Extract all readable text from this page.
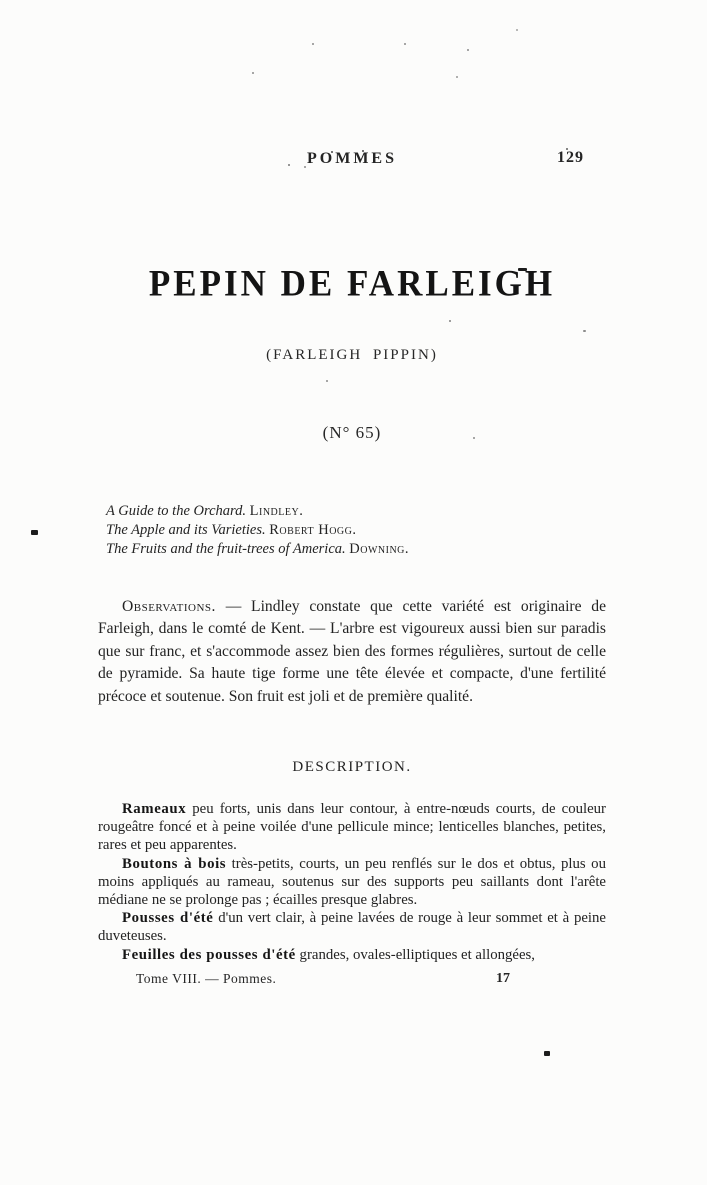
POMMES	129
PEPIN DE FARLEIGH
(FARLEIGH PIPPIN)
(N° 65)
A Guide to the Orchard. Lindley.
The Apple and its Varieties. Robert Hogg.
The Fruits and the fruit-trees of America. Downing.

Observations. — Lindley constate que cette variété est originaire de Farleigh, dans le comté de Kent. — L'arbre est vigoureux aussi bien sur paradis que sur franc, et s'accommode assez bien des formes régulières, surtout de celle de pyramide. Sa haute tige forme une tête élevée et compacte, d'une fertilité précoce et soutenue. Son fruit est joli et de première qualité.

DESCRIPTION.

Rameaux peu forts, unis dans leur contour, à entre-nœuds courts, de couleur rougeâtre foncé et à peine voilée d'une pellicule mince; lenticelles blanches, petites, rares et peu apparentes.

Boutons à bois très-petits, courts, un peu renflés sur le dos et obtus, plus ou moins appliqués au rameau, soutenus sur des supports peu saillants dont l'arête médiane ne se prolonge pas ; écailles presque glabres.

Pousses d'été d'un vert clair, à peine lavées de rouge à leur sommet et à peine duveteuses.

Feuilles des pousses d'été grandes, ovales-elliptiques et allongées,

Tome VIII. — Pommes.	17
